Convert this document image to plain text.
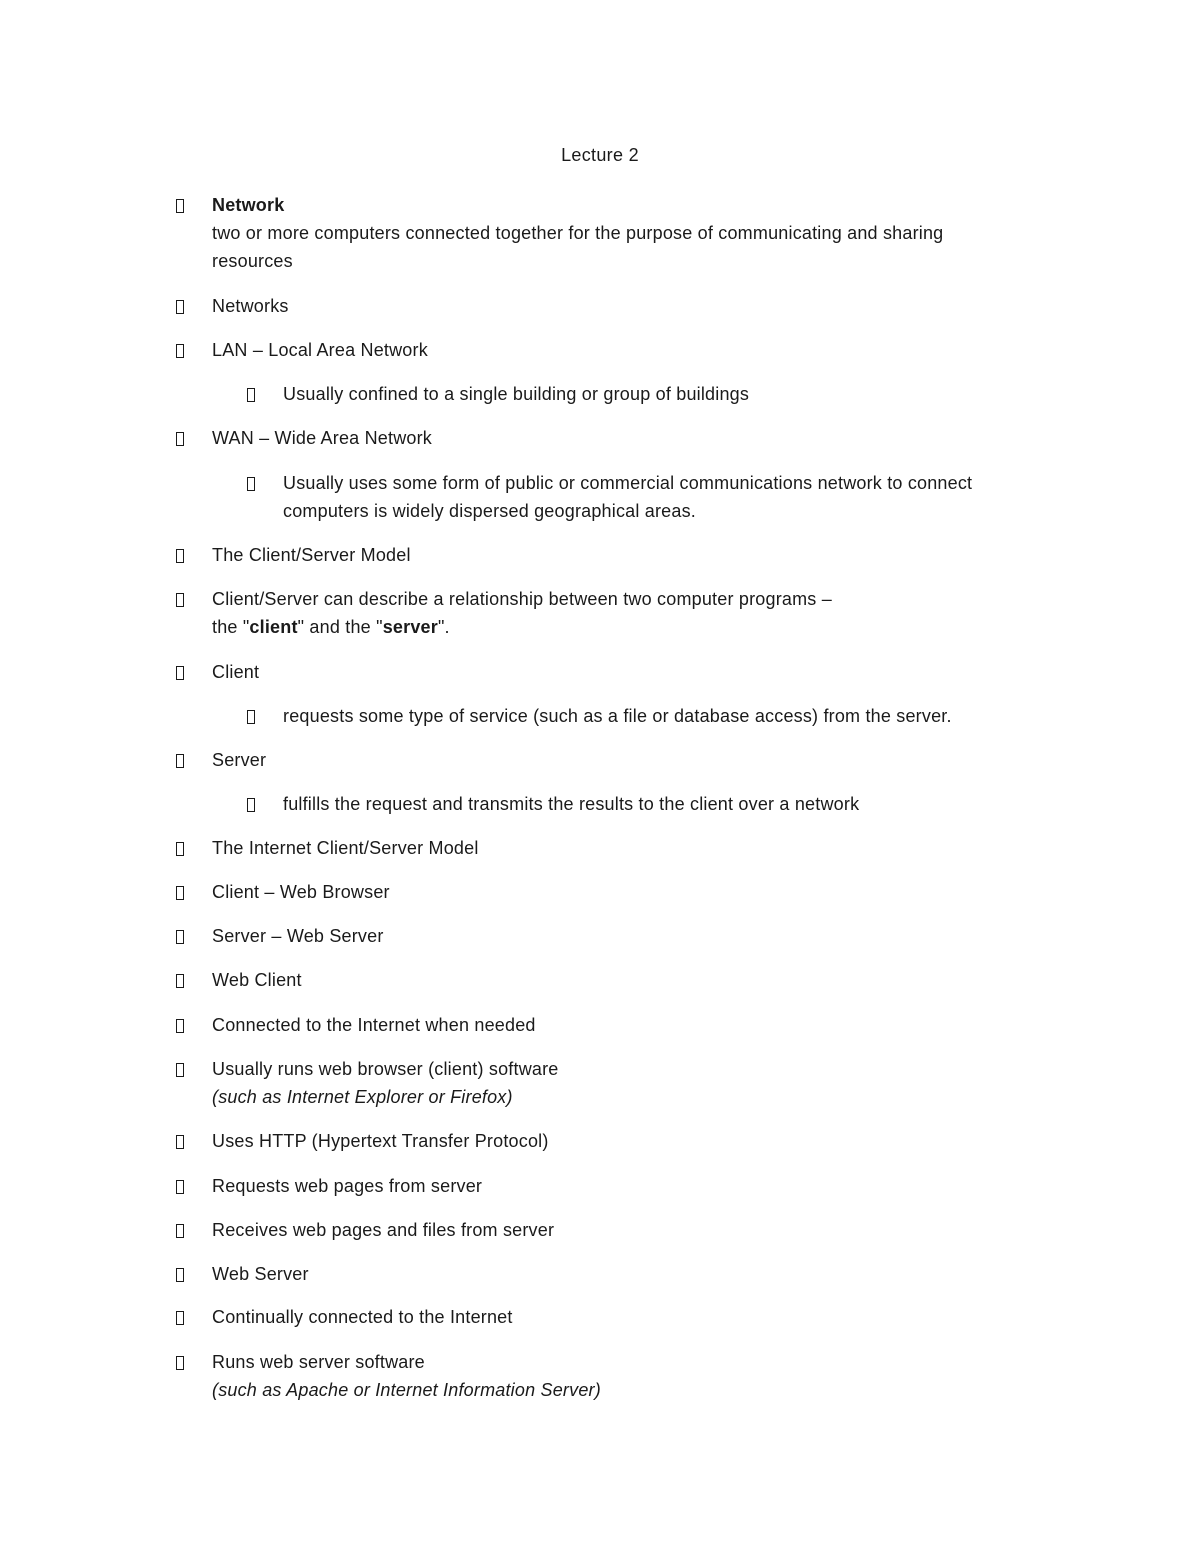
Lecture 2
Network
two or more computers connected together for the purpose of communicating and sharing
resources
Networks
LAN – Local Area Network
Usually confined to a single building or group of buildings
WAN – Wide Area Network
Usually uses some form of public or commercial communications network to connect
computers is widely dispersed geographical areas.
The Client/Server Model
Client/Server can describe a relationship between two computer programs –
the "client" and the "server".
Client
requests some type of service (such as a file or database access) from the server.
Server
fulfills the request and transmits the results to the client over a network
The Internet Client/Server Model
Client – Web Browser
Server – Web Server
Web Client
Connected to the Internet when needed
Usually runs web browser (client) software
(such as Internet Explorer or Firefox)
Uses HTTP (Hypertext Transfer Protocol)
Requests web pages from server
Receives web pages and files from server
Web Server
Continually connected to the Internet
Runs web server software
(such as Apache or Internet Information Server)
